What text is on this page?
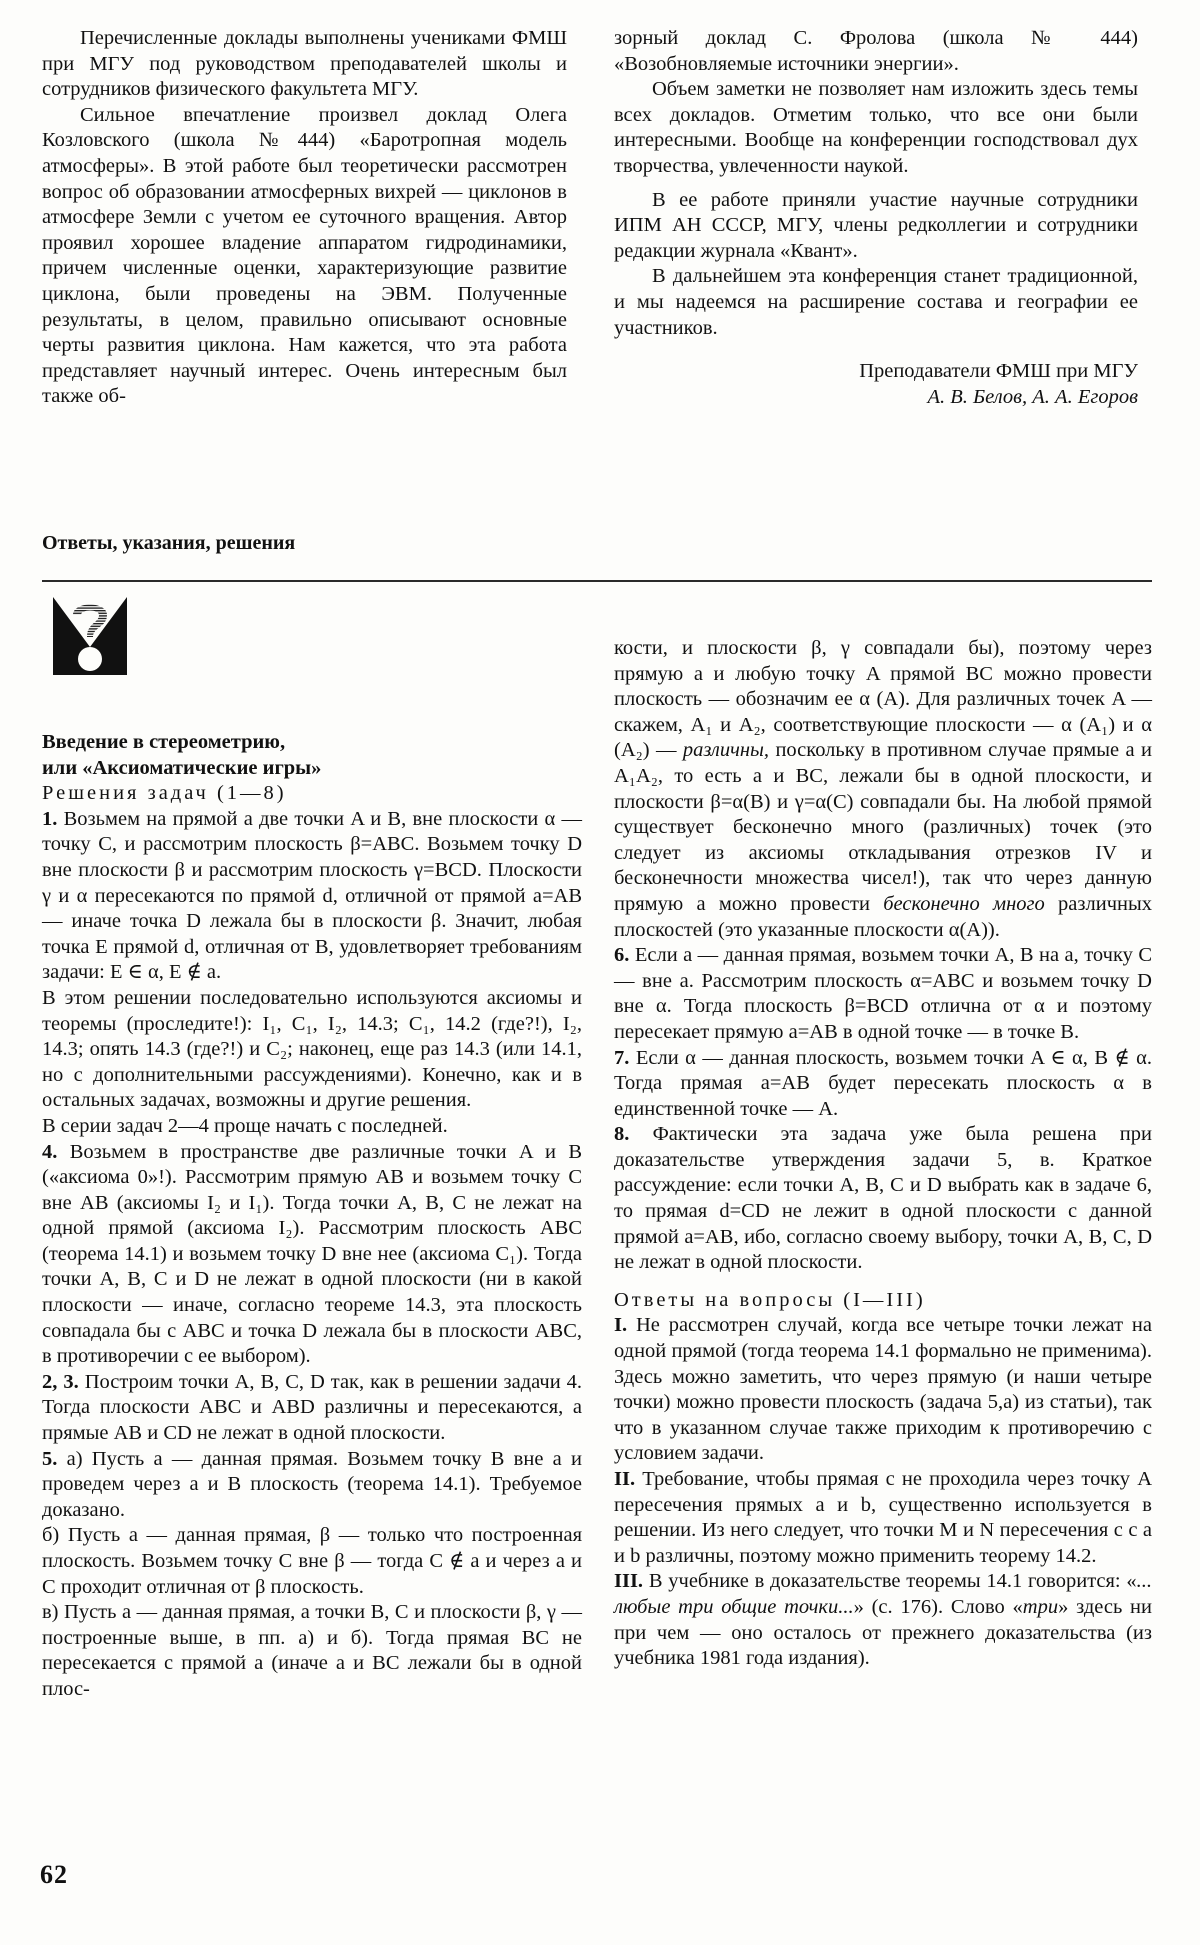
Перечисленные доклады выполнены учениками ФМШ при МГУ под руководством преподавателей школы и сотрудников физического факультета МГУ.

Сильное впечатление произвел доклад Олега Козловского (школа №444) «Баротропная модель атмосферы». В этой работе был теоретически рассмотрен вопрос об образовании атмосферных вихрей — циклонов в атмосфере Земли с учетом ее суточного вращения. Автор проявил хорошее владение аппаратом гидродинамики, причем численные оценки, характеризующие развитие циклона, были проведены на ЭВМ. Полученные результаты, в целом, правильно описывают основные черты развития циклона. Нам кажется, что эта работа представляет научный интерес. Очень интересным был также об-

зорный доклад С. Фролова (школа № 444) «Возобновляемые источники энергии».

Объем заметки не позволяет нам изложить здесь темы всех докладов. Отметим только, что все они были интересными. Вообще на конференции господствовал дух творчества, увлеченности наукой.

В ее работе приняли участие научные сотрудники ИПМ АН СССР, МГУ, члены редколлегии и сотрудники редакции журнала «Квант».

В дальнейшем эта конференция станет традиционной, и мы надеемся на расширение состава и географии ее участников.

Преподаватели ФМШ при МГУ

А. В. Белов, А. А. Егоров

Ответы, указания, решения

Введение в стереометрию,

или «Аксиоматические игры»

Решения задач (1—8)

1. Возьмем на прямой a две точки A и B, вне плоскости α — точку C, и рассмотрим плоскость β=ABC. Возьмем точку D вне плоскости β и рассмотрим плоскость γ=BCD. Плоскости γ и α пересекаются по прямой d, отличной от прямой a=AB — иначе точка D лежала бы в плоскости β. Значит, любая точка E прямой d, отличная от B, удовлетворяет требованиям задачи: E ∈ α, E ∉ a.

В этом решении последовательно используются аксиомы и теоремы (проследите!): I₁, C₁, I₂, 14.3; C₁, 14.2 (где?!), I₂, 14.3; опять 14.3 (где?!) и C₂; наконец, еще раз 14.3 (или 14.1, но с дополнительными рассуждениями). Конечно, как и в остальных задачах, возможны и другие решения.

В серии задач 2—4 проще начать с последней.

4. Возьмем в пространстве две различные точки A и B («аксиома 0»!). Рассмотрим прямую AB и возьмем точку C вне AB (аксиомы I₂ и I₁). Тогда точки A, B, C не лежат на одной прямой (аксиома I₂). Рассмотрим плоскость ABC (теорема 14.1) и возьмем точку D вне нее (аксиома C₁). Тогда точки A, B, C и D не лежат в одной плоскости (ни в какой плоскости — иначе, согласно теореме 14.3, эта плоскость совпадала бы с ABC и точка D лежала бы в плоскости ABC, в противоречии с ее выбором).

2, 3. Построим точки A, B, C, D так, как в решении задачи 4. Тогда плоскости ABC и ABD различны и пересекаются, а прямые AB и CD не лежат в одной плоскости.

5. а) Пусть a — данная прямая. Возьмем точку B вне a и проведем через a и B плоскость (теорема 14.1). Требуемое доказано.

б) Пусть a — данная прямая, β — только что построенная плоскость. Возьмем точку C вне β — тогда C ∉ a и через a и C проходит отличная от β плоскость.

в) Пусть a — данная прямая, а точки B, C и плоскости β, γ — построенные выше, в пп. а) и б). Тогда прямая BC не пересекается с прямой a (иначе a и BC лежали бы в одной плос-

кости, и плоскости β, γ совпадали бы), поэтому через прямую a и любую точку A прямой BC можно провести плоскость — обозначим ее α (A). Для различных точек A — скажем, A₁ и A₂, соответствующие плоскости — α (A₁) и α (A₂) — различны, поскольку в противном случае прямые a и A₁A₂, то есть a и BC, лежали бы в одной плоскости, и плоскости β=α(B) и γ=α(C) совпадали бы. На любой прямой существует бесконечно много (различных) точек (это следует из аксиомы откладывания отрезков IV и бесконечности множества чисел!), так что через данную прямую a можно провести бесконечно много различных плоскостей (это указанные плоскости α(A)).

6. Если a — данная прямая, возьмем точки A, B на a, точку C — вне a. Рассмотрим плоскость α=ABC и возьмем точку D вне α. Тогда плоскость β=BCD отлична от α и поэтому пересекает прямую a=AB в одной точке — в точке B.

7. Если α — данная плоскость, возьмем точки A ∈ α, B ∉ α. Тогда прямая a=AB будет пересекать плоскость α в единственной точке — A.

8. Фактически эта задача уже была решена при доказательстве утверждения задачи 5, в. Краткое рассуждение: если точки A, B, C и D выбрать как в задаче 6, то прямая d=CD не лежит в одной плоскости с данной прямой a=AB, ибо, согласно своему выбору, точки A, B, C, D не лежат в одной плоскости.

Ответы на вопросы (I—III)

I. Не рассмотрен случай, когда все четыре точки лежат на одной прямой (тогда теорема 14.1 формально не применима). Здесь можно заметить, что через прямую (и наши четыре точки) можно провести плоскость (задача 5,a) из статьи), так что в указанном случае также приходим к противоречию с условием задачи.

II. Требование, чтобы прямая c не проходила через точку A пересечения прямых a и b, существенно используется в решении. Из него следует, что точки M и N пересечения c с a и b различны, поэтому можно применить теорему 14.2.

III. В учебнике в доказательстве теоремы 14.1 говорится: «... любые три общие точки...» (с. 176). Слово «три» здесь ни при чем — оно осталось от прежнего доказательства (из учебника 1981 года издания).

62
